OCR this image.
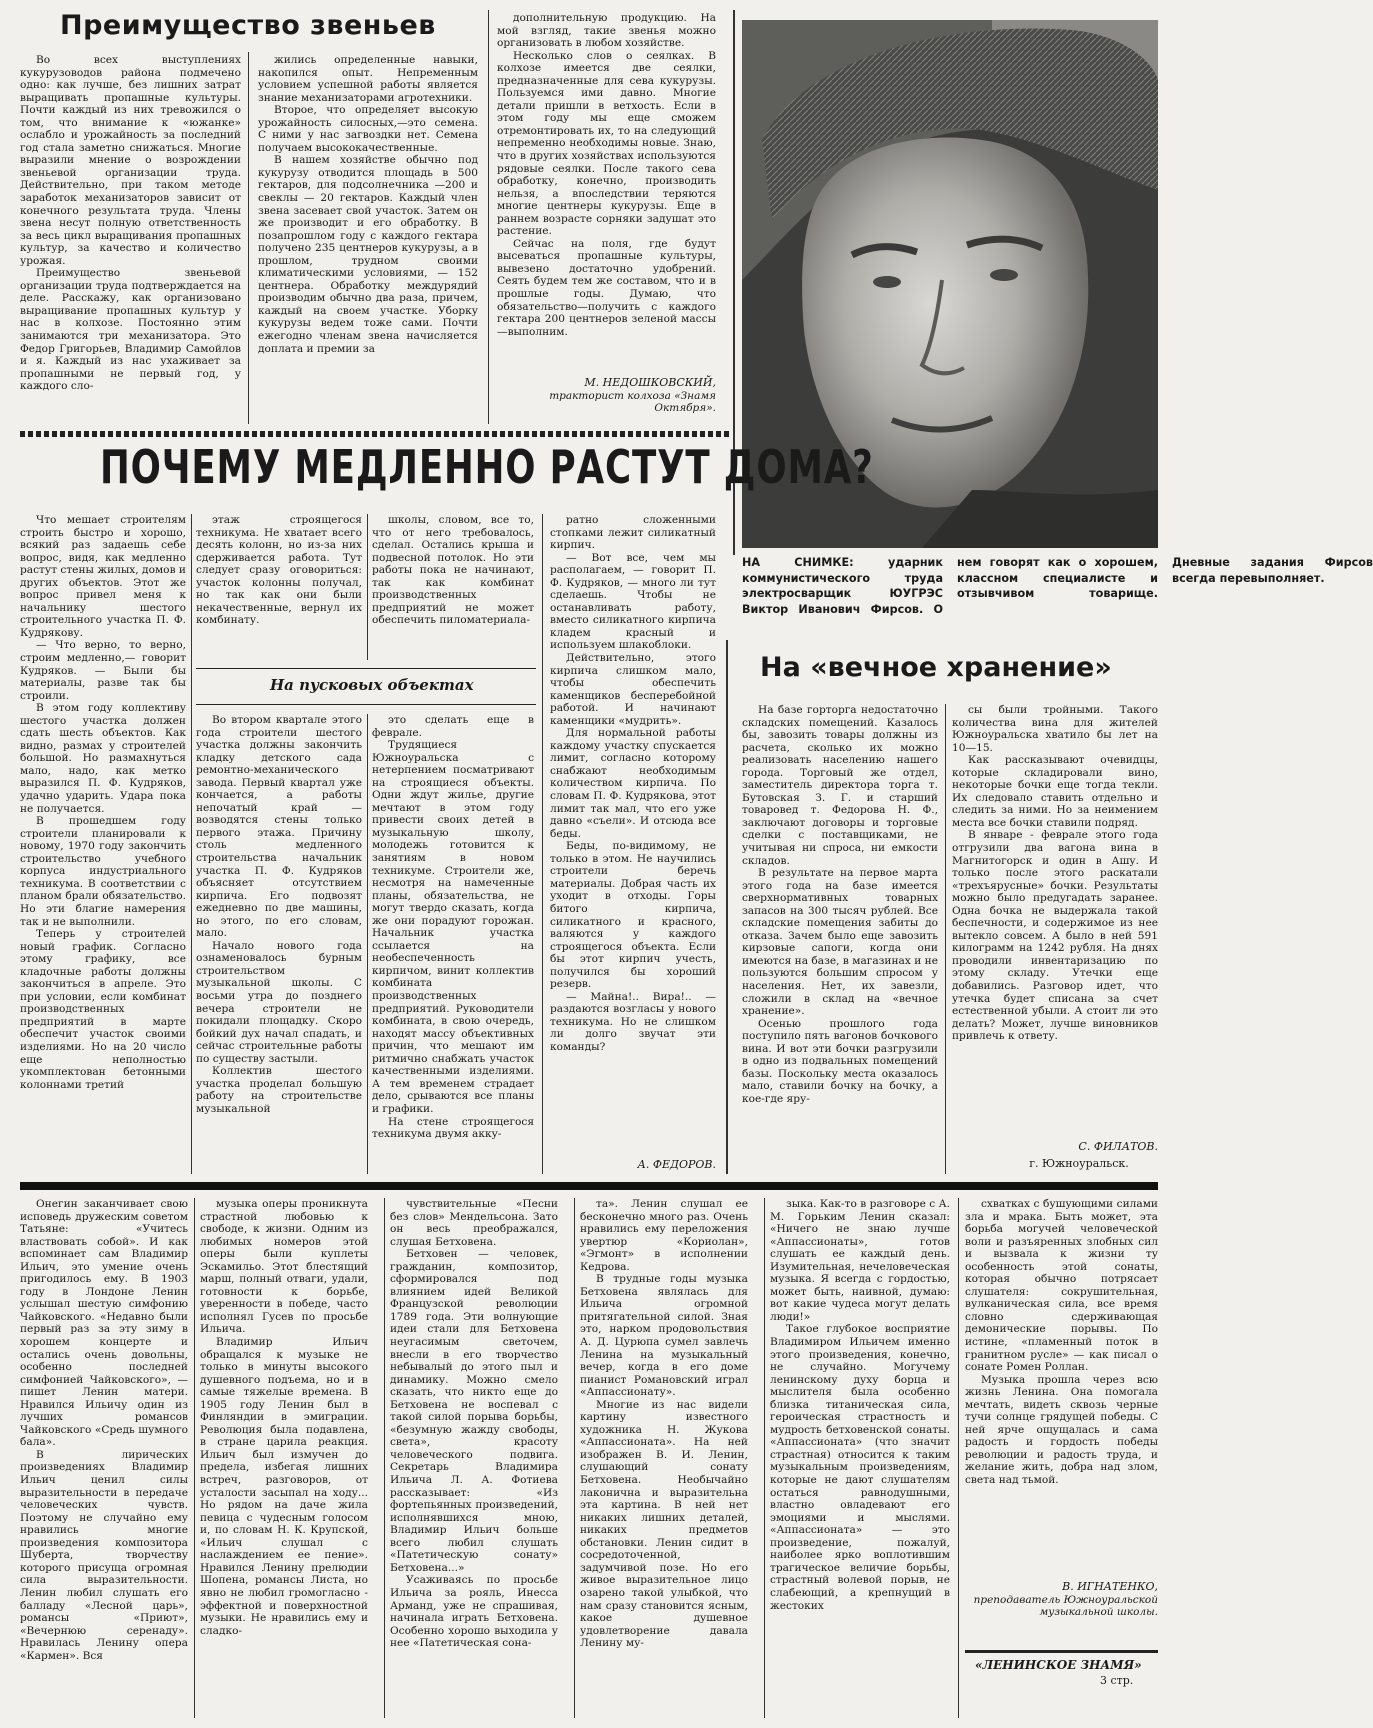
Преимущество звеньев

Во всех выступлениях кукурузоводов района подмечено одно: как лучше, без лишних затрат выращивать пропашные культуры. Почти каждый из них тревожился о том, что внимание к «южанке» ослабло и урожайность за последний год стала заметно снижаться. Многие выразили мнение о возрождении звеньевой организации труда. Действительно, при таком методе заработок механизаторов зависит от конечного результата труда. Члены звена несут полную ответственность за весь цикл выращивания пропашных культур, за качество и количество урожая.

Преимущество звеньевой организации труда подтверждается на деле. Расскажу, как организовано выращивание пропашных культур у нас в колхозе. Постоянно этим занимаются три механизатора. Это Федор Григорьев, Владимир Самойлов и я. Каждый из нас ухаживает за пропашными не первый год, у каждого сло-

жились определенные навыки, накопился опыт. Непременным условием успешной работы является знание механизаторами агротехники.

Второе, что определяет высокую урожайность силосных,—это семена. С ними у нас загвоздки нет. Семена получаем высококачественные.

В нашем хозяйстве обычно под кукурузу отводится площадь в 500 гектаров, для подсолнечника —200 и свеклы — 20 гектаров. Каждый член звена засевает свой участок. Затем он же производит и его обработку. В позапрошлом году с каждого гектара получено 235 центнеров кукурузы, а в прошлом, трудном своими климатическими условиями, — 152 центнера. Обработку междурядий производим обычно два раза, причем, каждый на своем участке. Уборку кукурузы ведем тоже сами. Почти ежегодно членам звена начисляется доплата и премии за

дополнительную продукцию. На мой взгляд, такие звенья можно организовать в любом хозяйстве.

Несколько слов о сеялках. В колхозе имеется две сеялки, предназначенные для сева кукурузы. Пользуемся ими давно. Многие детали пришли в ветхость. Если в этом году мы еще сможем отремонтировать их, то на следующий непременно необходимы новые. Знаю, что в других хозяйствах используются рядовые сеялки. После такого сева обработку, конечно, производить нельзя, а впоследствии теряются многие центнеры кукурузы. Еще в раннем возрасте сорняки задушат это растение.

Сейчас на поля, где будут высеваться пропашные культуры, вывезено достаточно удобрений. Сеять будем тем же составом, что и в прошлые годы. Думаю, что обязательство—получить с каждого гектара 200 центнеров зеленой массы—выполним.

М. НЕДОШКОВСКИЙ,
тракторист колхоза «Знамя Октября».
НА СНИМКЕ:	ударник коммунистического труда электросварщик ЮУГРЭС Виктор Иванович Фирсов. О нем говорят как о хорошем, классном специалисте и отзывчивом товарище. Дневные задания Фирсов всегда перевыполняет.
ПОЧЕМУ МЕДЛЕННО РАСТУТ ДОМА?

Что мешает строителям строить быстро и хорошо, всякий раз задаешь себе вопрос, видя, как медленно растут стены жилых, домов и других объектов. Этот же вопрос привел меня к начальнику шестого строительного участка П. Ф. Кудрякову.

— Что верно, то верно, строим медленно,— говорит Кудряков. — Были бы материалы, разве так бы строили.

В этом году коллективу шестого участка должен сдать шесть объектов. Как видно, размах у строителей большой. Но размахнуться мало, надо, как метко выразился П. Ф. Кудряков, удачно ударить. Удара пока не получается.

В прошедшем году строители планировали к новому, 1970 году закончить строительство учебного корпуса индустриального техникума. В соответствии с планом брали обязательство. Но эти благие намерения так и не выполнили.

Теперь у строителей новый график. Согласно этому графику, все кладочные работы должны закончиться в апреле. Это при условии, если комбинат производственных предприятий в марте обеспечит участок своими изделиями. Но на 20 число еще неполностью укомплектован бетонными колоннами третий

этаж строящегося техникума. Не хватает всего десять колонн, но из-за них сдерживается работа. Тут следует сразу оговориться: участок колонны получал, но так как они были некачественные, вернул их комбинату.

школы, словом, все то, что от него требовалось, сделал. Остались крыша и подвесной потолок. Но эти работы пока не начинают, так как комбинат производственных предприятий не может обеспечить пиломатериала-

ратно сложенными стопками лежит силикатный кирпич.

— Вот все, чем мы располагаем, — говорит П. Ф. Кудряков, — много ли тут сделаешь. Чтобы не останавливать работу, вместо силикатного кирпича кладем красный и используем шлакоблоки.

Действительно, этого кирпича слишком мало, чтобы обеспечить каменщиков бесперебойной работой. И начинают каменщики «мудрить».

Для нормальной работы каждому участку спускается лимит, согласно которому снабжают необходимым количеством кирпича. По словам П. Ф. Кудрякова, этот лимит так мал, что его уже давно «съели». И отсюда все беды.

Беды, по-видимому, не только в этом. Не научились строители беречь материалы. Добрая часть их уходит в отходы. Горы битого кирпича, силикатного и красного, валяются у каждого строящегося объекта. Если бы этот кирпич учесть, получился бы хороший резерв.

— Майна!.. Вира!.. — раздаются возгласы у нового техникума. Но не слишком ли долго звучат эти команды?

А. ФЕДОРОВ.
На пусковых объектах

Во втором квартале этого года строители шестого участка должны закончить кладку детского сада ремонтно-механического завода. Первый квартал уже кончается, а работы непочатый край — возводятся стены только первого этажа. Причину столь медленного строительства начальник участка П. Ф. Кудряков объясняет отсутствием кирпича. Его подвозят ежедневно по две машины, но этого, по его словам, мало.

Начало нового года ознаменовалось бурным строительством музыкальной школы. С восьми утра до позднего вечера строители не покидали площадку. Скоро бойкий дух начал спадать, и сейчас строительные работы по существу застыли.

Коллектив шестого участка проделал большую работу на строительстве музыкальной

это сделать еще в феврале.

Трудящиеся Южноуральска с нетерпением посматривают на строящиеся объекты. Одни ждут жилье, другие мечтают в этом году привести своих детей в музыкальную школу, молодежь готовится к занятиям в новом техникуме. Строители же, несмотря на намеченные планы, обязательства, не могут твердо сказать, когда же они порадуют горожан. Начальник участка ссылается на необеспеченность кирпичом, винит коллектив комбината производственных предприятий. Руководители комбината, в свою очередь, находят массу объективных причин, что мешают им ритмично снабжать участок качественными изделиями. А тем временем страдает дело, срываются все планы и графики.

На стене строящегося техникума двумя акку-

На «вечное хранение»

На базе горторга недостаточно складских помещений. Казалось бы, завозить товары должны из расчета, сколько их можно реализовать населению нашего города. Торговый же отдел, заместитель директора торга т. Бутовская З. Г. и старший товаровед т. Федорова Н. Ф., заключают договоры и торговые сделки с поставщиками, не учитывая ни спроса, ни емкости складов.

В результате на первое марта этого года на базе имеется сверхнормативных товарных запасов на 300 тысяч рублей. Все складские помещения забиты до отказа. Зачем было еще завозить кирзовые сапоги, когда они имеются на базе, в магазинах и не пользуются большим спросом у населения. Нет, их завезли, сложили в склад на «вечное хранение».

Осенью прошлого года поступило пять вагонов бочкового вина. И вот эти бочки разгрузили в одно из подвальных помещений базы. Поскольку места оказалось мало, ставили бочку на бочку, а кое-где яру-

сы были тройными. Такого количества вина для жителей Южноуральска хватило бы лет на 10—15.

Как рассказывают очевидцы, которые складировали вино, некоторые бочки еще тогда текли. Их следовало ставить отдельно и следить за ними. Но за неимением места все бочки ставили подряд.

В январе - феврале этого года отгрузили два вагона вина в Магнитогорск и один в Ашу. И только после этого раскатали «трехъярусные» бочки. Результаты можно было предугадать заранее. Одна бочка не выдержала такой беспечности, и содержимое из нее вытекло совсем. А было в ней 591 килограмм на 1242 рубля. На днях проводили инвентаризацию по этому складу. Утечки еще добавились. Разговор идет, что утечка будет списана за счет естественной убыли. А стоит ли это делать? Может, лучше виновников привлечь к ответу.

С. ФИЛАТОВ.
г. Южноуральск.

Онегин заканчивает свою исповедь дружеским советом Татьяне: «Учитесь властвовать собой». И как вспоминает сам Владимир Ильич, это умение очень пригодилось ему. В 1903 году в Лондоне Ленин услышал шестую симфонию Чайковского. «Недавно были первый раз за эту зиму в хорошем концерте и остались очень довольны, особенно последней симфонией Чайковского», — пишет Ленин матери. Нравился Ильичу один из лучших романсов Чайковского «Средь шумного бала».

В лирических произведениях Владимир Ильич ценил силы выразительности в передаче человеческих чувств. Поэтому не случайно ему нравились многие произведения композитора Шуберта, творчеству которого присуща огромная сила выразительности. Ленин любил слушать его балладу «Лесной царь», романсы «Приют», «Вечернюю серенаду». Нравилась Ленину опера «Кармен». Вся

музыка оперы проникнута страстной любовью к свободе, к жизни. Одним из любимых номеров этой оперы были куплеты Эскамильо. Этот блестящий марш, полный отваги, удали, готовности к борьбе, уверенности в победе, часто исполнял Гусев по просьбе Ильича.

Владимир Ильич обращался к музыке не только в минуты высокого душевного подъема, но и в самые тяжелые времена. В 1905 году Ленин был в Финляндии в эмиграции. Революция была подавлена, в стране царила реакция. Ильич был измучен до предела, избегая лишних встреч, разговоров, от усталости засыпал на ходу... Но рядом на даче жила певица с чудесным голосом и, по словам Н. К. Крупской, «Ильич слушал с наслаждением ее пение». Нравился Ленину прелюдии Шопена, романсы Листа, но явно не любил громогласно - эффектной и поверхностной музыки. Не нравились ему и сладко-

чувствительные «Песни без слов» Мендельсона. Зато он весь преображался, слушая Бетховена.

Бетховен — человек, гражданин, композитор, сформировался под влиянием идей Великой Французской революции 1789 года. Эти волнующие идеи стали для Бетховена неугасимым светочем, внесли в его творчество небывалый до этого пыл и динамику. Можно смело сказать, что никто еще до Бетховена не воспевал с такой силой порыва борьбы, «безумную жажду свободы, света», красоту человеческого подвига. Секретарь Владимира Ильича Л. А. Фотиева рассказывает: «Из фортепьянных произведений, исполнявшихся мною, Владимир Ильич больше всего любил слушать «Патетическую сонату» Бетховена...»

Усаживаясь по просьбе Ильича за рояль, Инесса Арманд, уже не спрашивая, начинала играть Бетховена. Особенно хорошо выходила у нее «Патетическая сона-

та». Ленин слушал ее бесконечно много раз. Очень нравились ему переложения увертюр «Кориолан», «Эгмонт» в исполнении Кедрова.

В трудные годы музыка Бетховена являлась для Ильича огромной притягательной силой. Зная это, нарком продовольствия А. Д. Цурюпа сумел завлечь Ленина на музыкальный вечер, когда в его доме пианист Романовский играл «Аппассионату».

Многие из нас видели картину известного художника Н. Жукова «Аппассионата». На ней изображен В. И. Ленин, слушающий сонату Бетховена. Необычайно лаконична и выразительна эта картина. В ней нет никаких лишних деталей, никаких предметов обстановки. Ленин сидит в сосредоточенной, задумчивой позе. Но его живое выразительное лицо озарено такой улыбкой, что нам сразу становится ясным, какое душевное удовлетворение давала Ленину му-

зыка. Как-то в разговоре с А. М. Горьким Ленин сказал: «Ничего не знаю лучше «Аппассионаты», готов слушать ее каждый день. Изумительная, нечеловеческая музыка. Я всегда с гордостью, может быть, наивной, думаю: вот какие чудеса могут делать люди!»

Такое глубокое восприятие Владимиром Ильичем именно этого произведения, конечно, не случайно. Могучему ленинскому духу борца и мыслителя была особенно близка титаническая сила, героическая страстность и мудрость бетховенской сонаты. «Аппассионата» (что значит страстная) относится к таким музыкальным произведениям, которые не дают слушателям остаться равнодушными, властно овладевают его эмоциями и мыслями. «Аппассионата» — это произведение, пожалуй, наиболее ярко воплотившим трагическое величие борьбы, страстный волевой порыв, не слабеющий, а крепнущий в жестоких

схватках с бушующими силами зла и мрака. Быть может, эта борьба могучей человеческой воли и разъяренных злобных сил и вызвала к жизни ту особенность этой сонаты, которая обычно потрясает слушателя: сокрушительная, вулканическая сила, все время словно сдерживающая демонические порывы. По истине, «пламенный поток в гранитном русле» — как писал о сонате Ромен Роллан.

Музыка прошла через всю жизнь Ленина. Она помогала мечтать, видеть сквозь черные тучи солнце грядущей победы. С ней ярче ощущалась и сама радость и гордость победы революции и радость труда, и желание жить, добра над злом, света над тьмой.

В. ИГНАТЕНКО,
преподаватель Южноуральской музыкальной школы.
«ЛЕНИНСКОЕ ЗНАМЯ»
3 стр.
